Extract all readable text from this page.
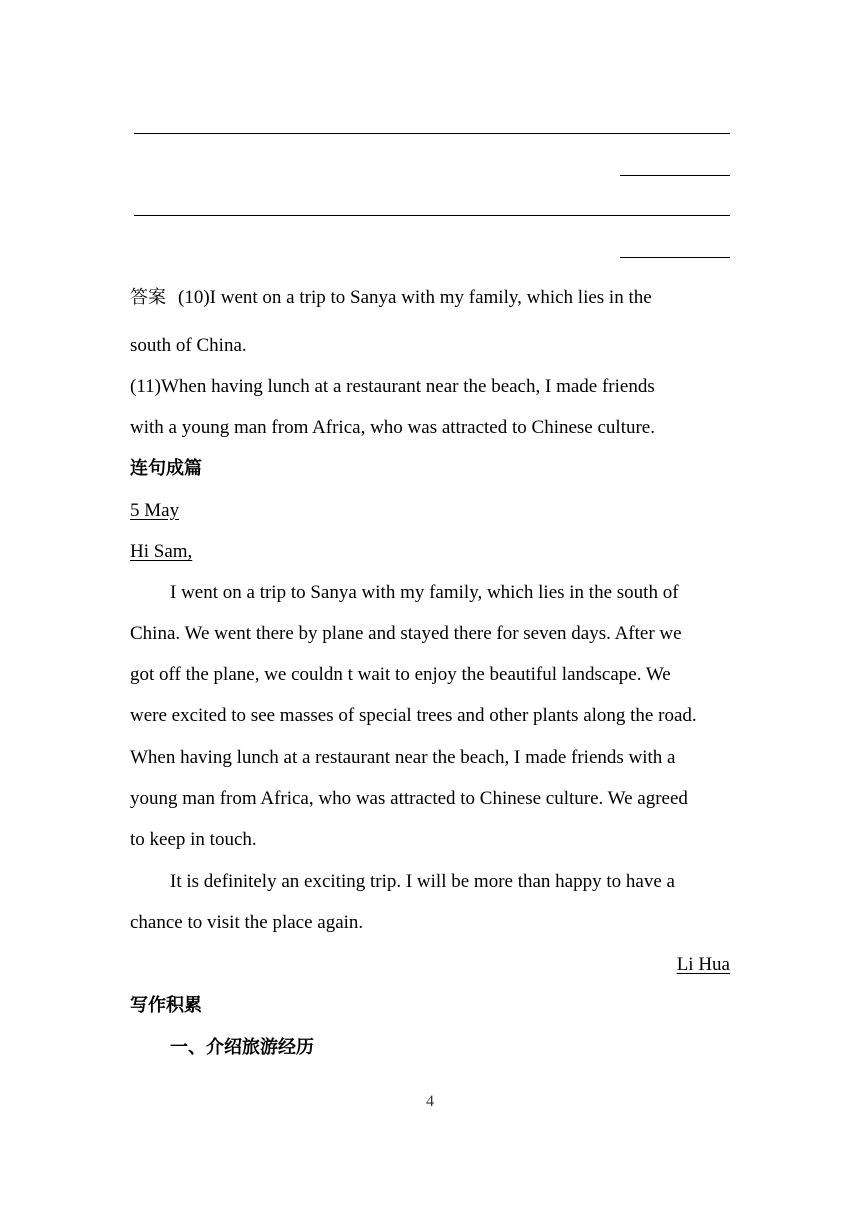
答案 (10)I went on a trip to Sanya with my family, which lies in the
south of China.
(11)When having lunch at a restaurant near the beach, I made friends
with a young man from Africa, who was attracted to Chinese culture.
连句成篇
5 May
Hi Sam,
I went on a trip to Sanya with my family, which lies in the south of
China. We went there by plane and stayed there for seven days. After we
got off the plane, we couldn t wait to enjoy the beautiful landscape. We
were excited to see masses of special trees and other plants along the road.
When having lunch at a restaurant near the beach, I made friends with a
young man from Africa, who was attracted to Chinese culture. We agreed
to keep in touch.
It is definitely an exciting trip. I will be more than happy to have a
chance to visit the place again.
Li Hua
写作积累
一、介绍旅游经历
4
